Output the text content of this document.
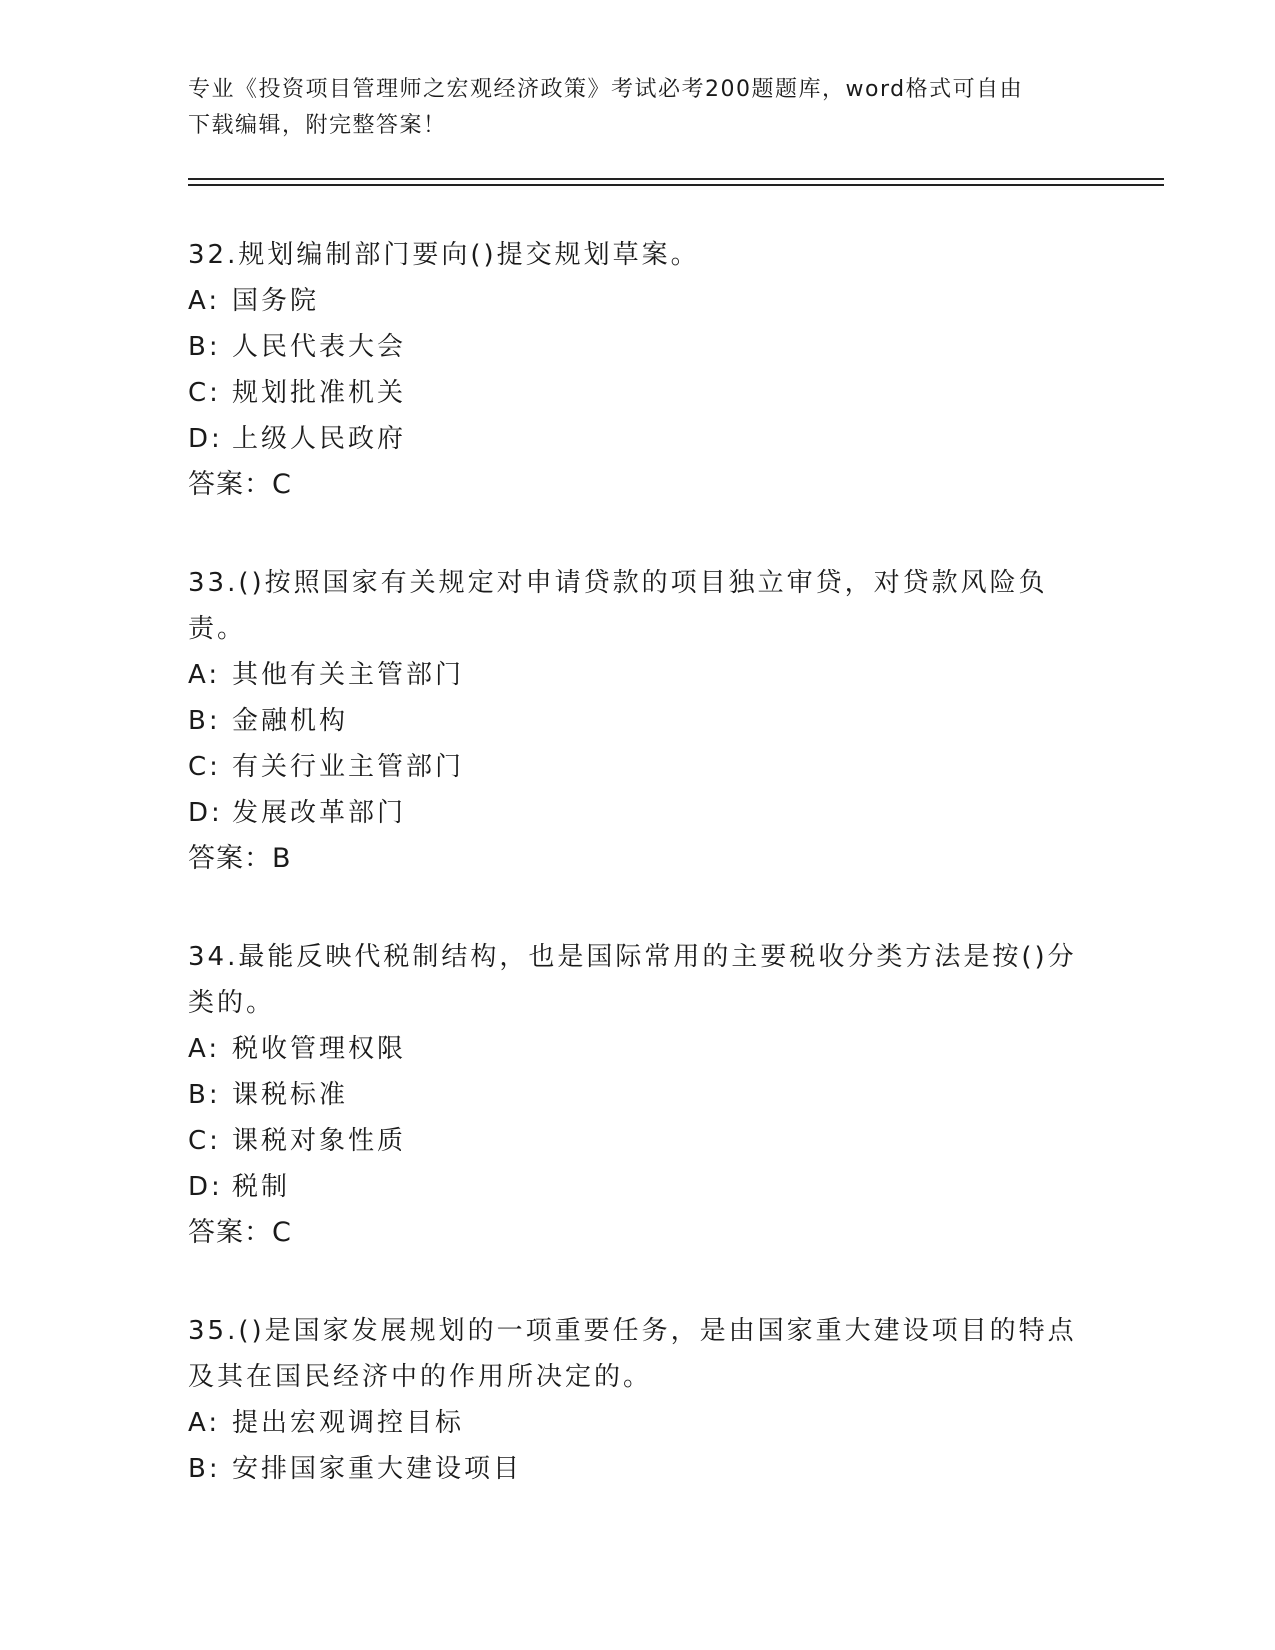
专业《投资项目管理师之宏观经济政策》考试必考200题题库，word格式可自由
下载编辑，附完整答案！
32.规划编制部门要向()提交规划草案。
A: 国务院
B: 人民代表大会
C: 规划批准机关
D: 上级人民政府
答案：C
33.()按照国家有关规定对申请贷款的项目独立审贷，对贷款风险负责。
A: 其他有关主管部门
B: 金融机构
C: 有关行业主管部门
D: 发展改革部门
答案：B
34.最能反映代税制结构，也是国际常用的主要税收分类方法是按()分类的。
A: 税收管理权限
B: 课税标准
C: 课税对象性质
D: 税制
答案：C
35.()是国家发展规划的一项重要任务，是由国家重大建设项目的特点及其在国民经济中的作用所决定的。
A: 提出宏观调控目标
B: 安排国家重大建设项目
